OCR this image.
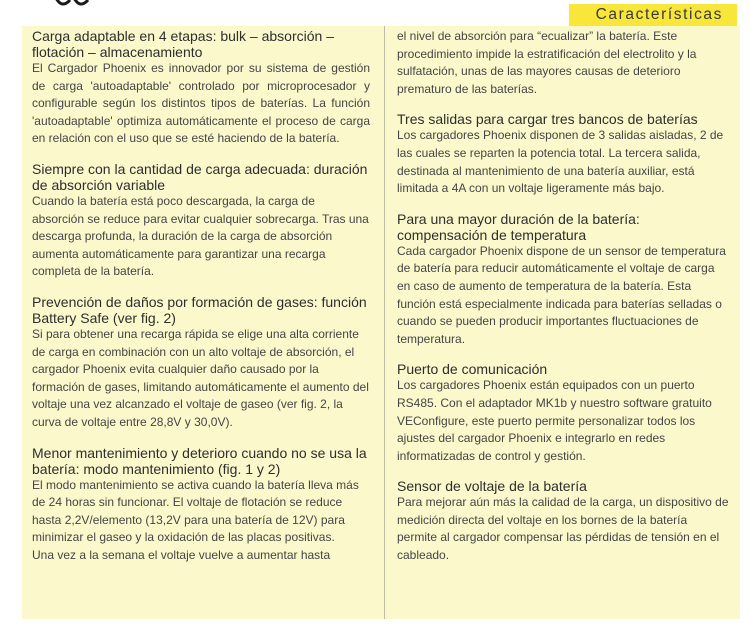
Características

Carga adaptable en 4 etapas: bulk – absorción – flotación – almacenamiento

El Cargador Phoenix es innovador por su sistema de gestión de carga 'autoadaptable' controlado por microprocesador y configurable según los distintos tipos de baterías. La función 'autoadaptable' optimiza automáticamente el proceso de carga en relación con el uso que se esté haciendo de la batería.

Siempre con la cantidad de carga adecuada: duración de absorción variable

Cuando la batería está poco descargada, la carga de absorción se reduce para evitar cualquier sobrecarga. Tras una descarga profunda, la duración de la carga de absorción aumenta automáticamente para garantizar una recarga completa de la batería.

Prevención de daños por formación de gases: función Battery Safe (ver fig. 2)

Si para obtener una recarga rápida se elige una alta corriente de carga en combinación con un alto voltaje de absorción, el cargador Phoenix evita cualquier daño causado por la formación de gases, limitando automáticamente el aumento del voltaje una vez alcanzado el voltaje de gaseo (ver fig. 2, la curva de voltaje entre 28,8V y 30,0V).

Menor mantenimiento y deterioro cuando no se usa la batería: modo mantenimiento (fig. 1 y 2)

El modo mantenimiento se activa cuando la batería lleva más de 24 horas sin funcionar. El voltaje de flotación se reduce hasta 2,2V/elemento (13,2V para una batería de 12V) para minimizar el gaseo y la oxidación de las placas positivas.

Una vez a la semana el voltaje vuelve a aumentar hasta

el nivel de absorción para “ecualizar” la batería. Este procedimiento impide la estratificación del electrolito y la sulfatación, unas de las mayores causas de deterioro prematuro de las baterías.

Tres salidas para cargar tres bancos de baterías

Los cargadores Phoenix disponen de 3 salidas aisladas, 2 de las cuales se reparten la potencia total. La tercera salida, destinada al mantenimiento de una batería auxiliar, está limitada a 4A con un voltaje ligeramente más bajo.

Para una mayor duración de la batería: compensación de temperatura

Cada cargador Phoenix dispone de un sensor de temperatura de batería para reducir automáticamente el voltaje de carga en caso de aumento de temperatura de la batería. Esta función está especialmente indicada para baterías selladas o cuando se pueden producir importantes fluctuaciones de temperatura.

Puerto de comunicación

Los cargadores Phoenix están equipados con un puerto RS485. Con el adaptador MK1b y nuestro software gratuito VEConfigure, este puerto permite personalizar todos los ajustes del cargador Phoenix e integrarlo en redes informatizadas de control y gestión.

Sensor de voltaje de la batería

Para mejorar aún más la calidad de la carga, un dispositivo de medición directa del voltaje en los bornes de la batería permite al cargador compensar las pérdidas de tensión en el cableado.
